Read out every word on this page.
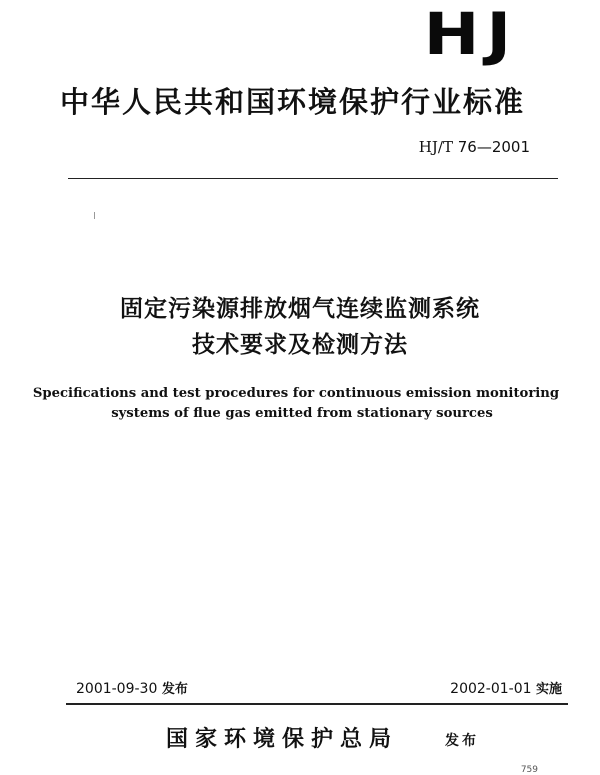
HJ
中华人民共和国环境保护行业标准
HJ/T 76—2001
固定污染源排放烟气连续监测系统
技术要求及检测方法
Specifications and test procedures for continuous emission monitoring
systems of flue gas emitted from stationary sources
2001-09-30 发布	2002-01-01 实施
国家环境保护总局	发布
759
